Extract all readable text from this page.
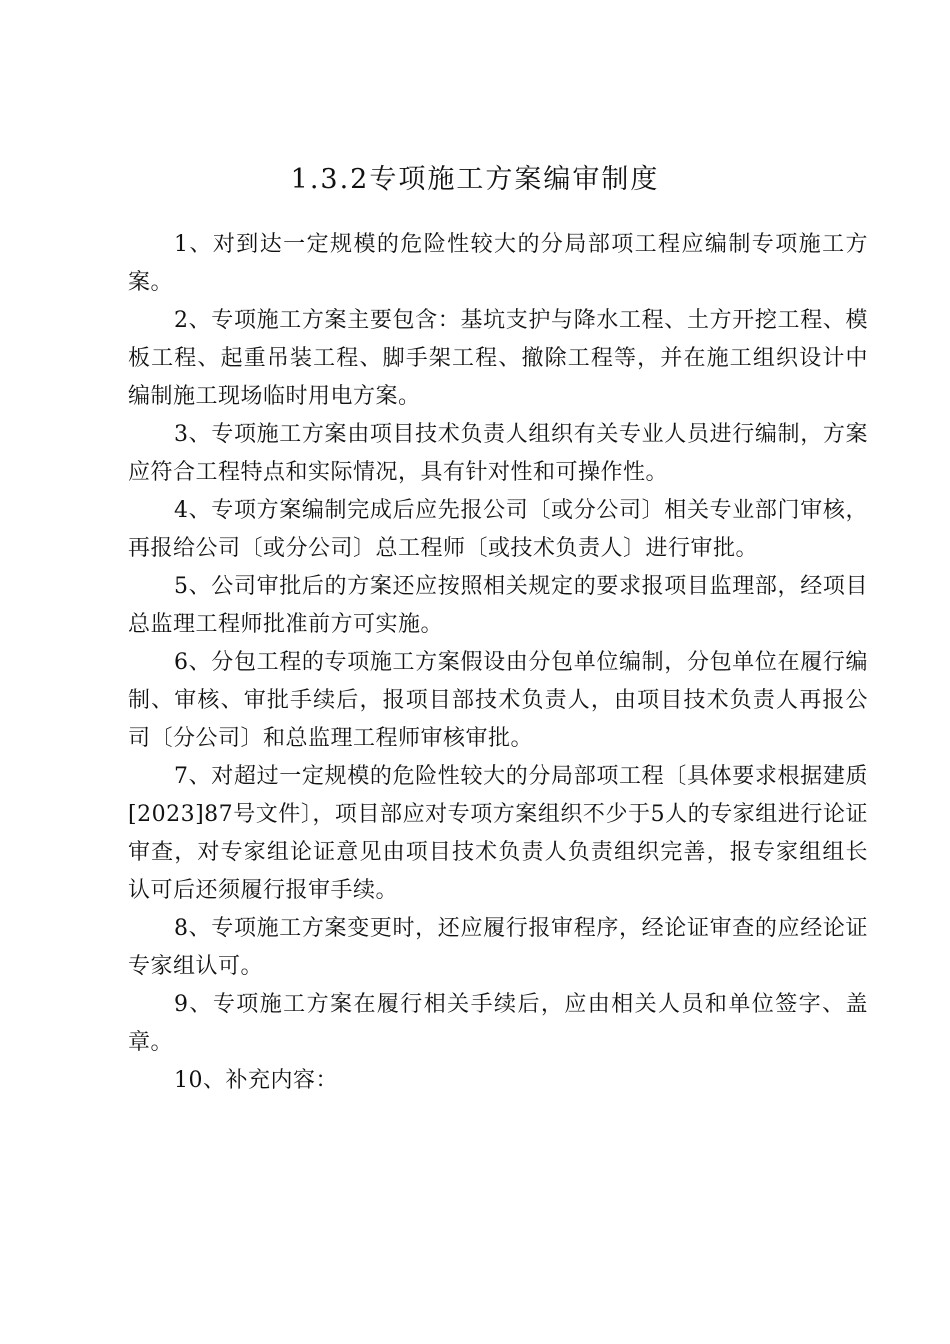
1.3.2专项施工方案编审制度

1、对到达一定规模的危险性较大的分局部项工程应编制专项施工方案。

2、专项施工方案主要包含：基坑支护与降水工程、土方开挖工程、模板工程、起重吊装工程、脚手架工程、撤除工程等，并在施工组织设计中编制施工现场临时用电方案。

3、专项施工方案由项目技术负责人组织有关专业人员进行编制，方案应符合工程特点和实际情况，具有针对性和可操作性。

4、专项方案编制完成后应先报公司〔或分公司〕相关专业部门审核，再报给公司〔或分公司〕总工程师〔或技术负责人〕进行审批。

5、公司审批后的方案还应按照相关规定的要求报项目监理部，经项目总监理工程师批准前方可实施。

6、分包工程的专项施工方案假设由分包单位编制，分包单位在履行编制、审核、审批手续后，报项目部技术负责人，由项目技术负责人再报公司〔分公司〕和总监理工程师审核审批。

7、对超过一定规模的危险性较大的分局部项工程〔具体要求根据建质[2023]87号文件〕，项目部应对专项方案组织不少于5人的专家组进行论证审查，对专家组论证意见由项目技术负责人负责组织完善，报专家组组长认可后还须履行报审手续。

8、专项施工方案变更时，还应履行报审程序，经论证审查的应经论证专家组认可。

9、专项施工方案在履行相关手续后，应由相关人员和单位签字、盖章。

10、补充内容：
